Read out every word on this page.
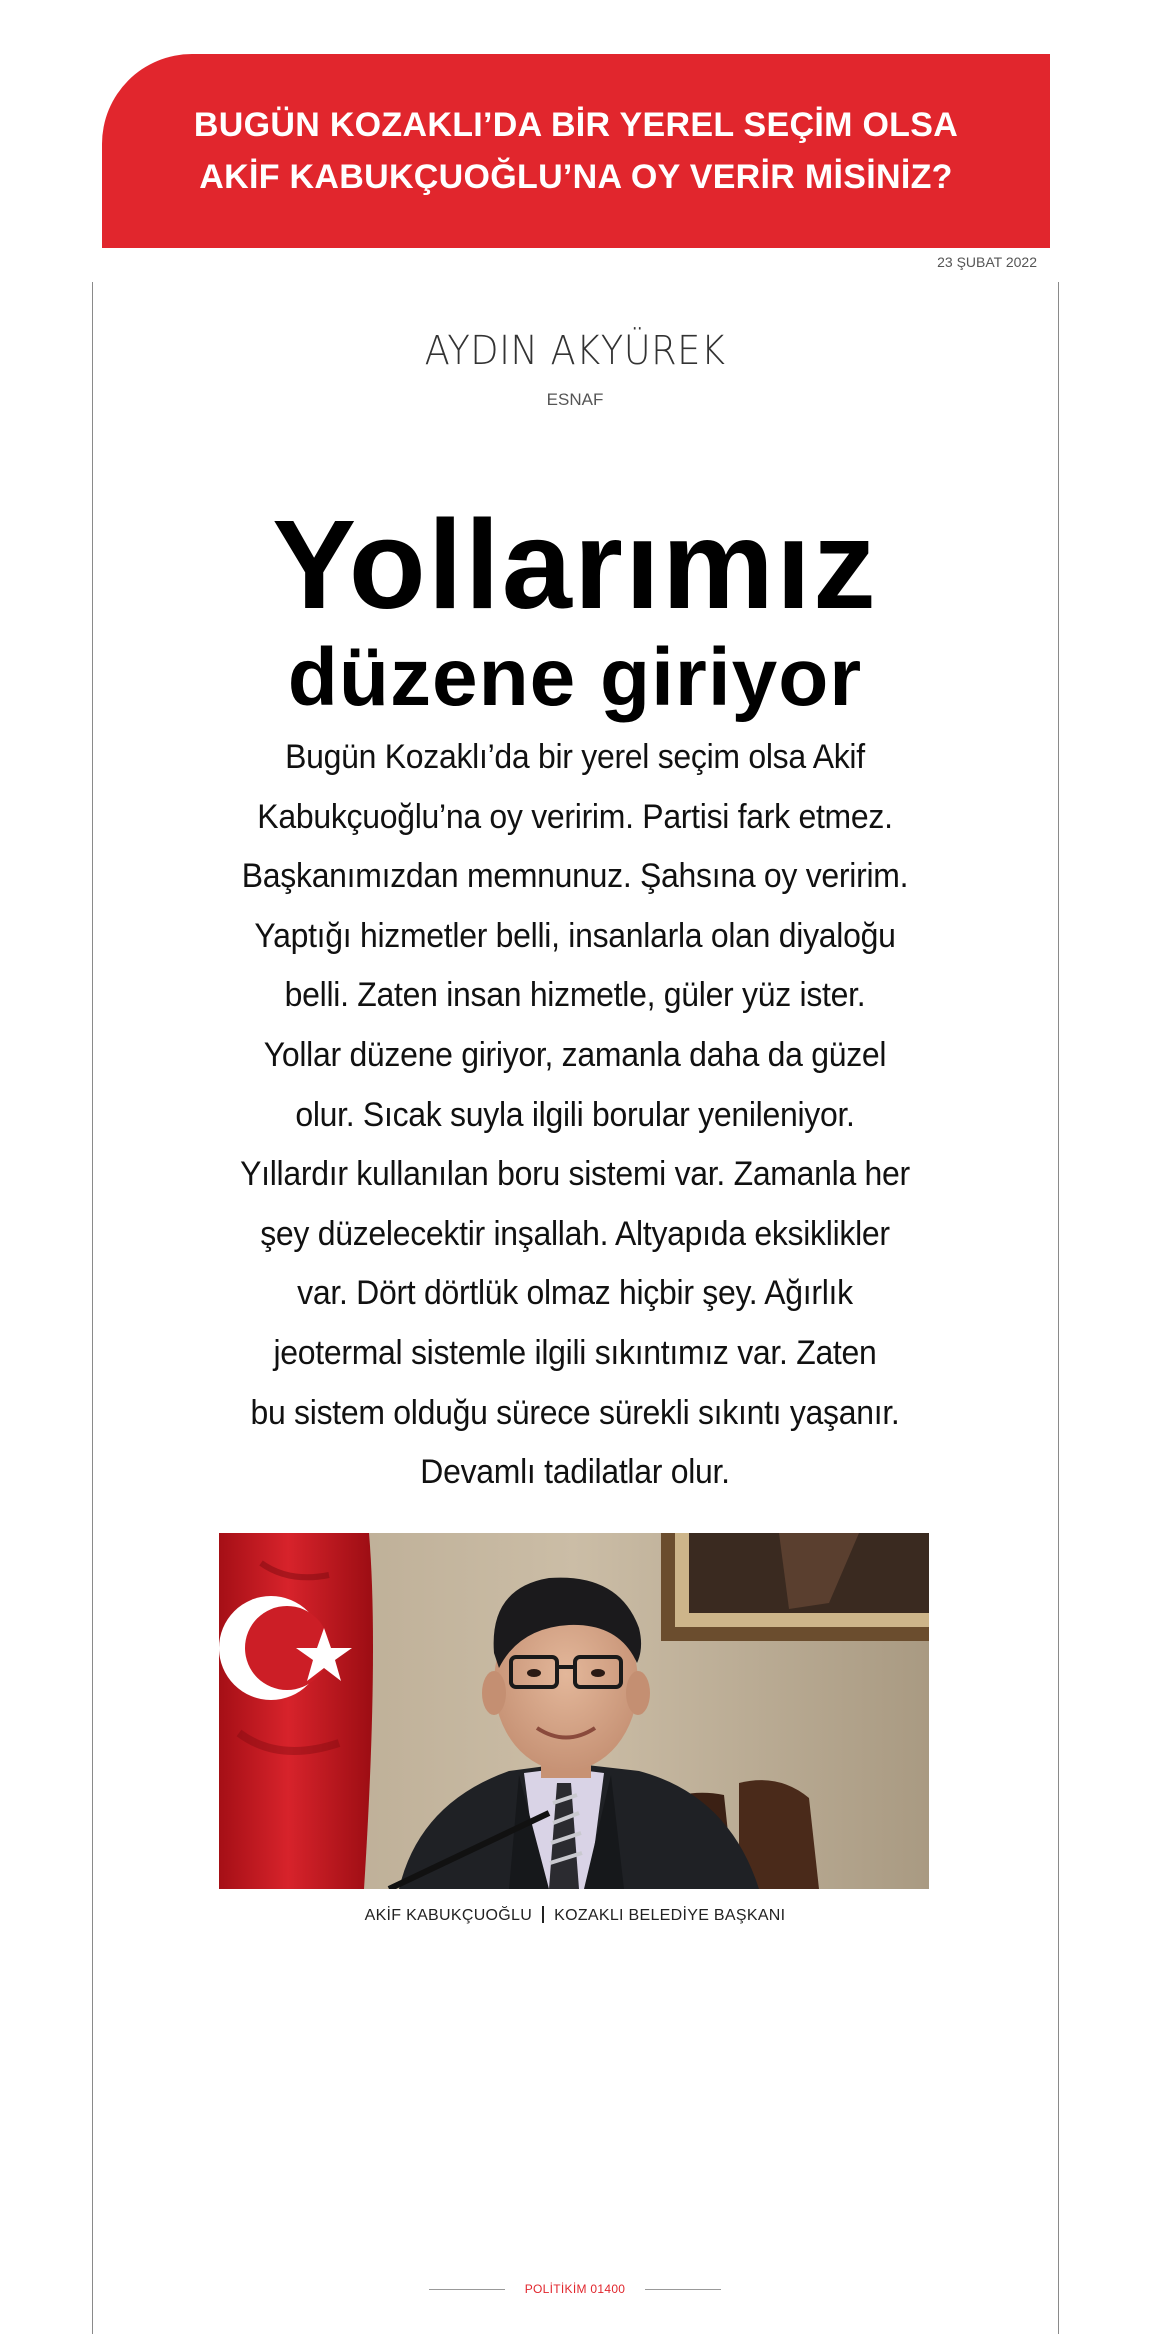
BUGÜN KOZAKLI’DA BİR YEREL SEÇİM OLSA
AKİF KABUKÇUOĞLU’NA OY VERİR MİSİNİZ?
23 ŞUBAT 2022
AYDIN AKYÜREK
ESNAF
Yollarımız
düzene giriyor
Bugün Kozaklı’da bir yerel seçim olsa Akif
Kabukçuoğlu’na oy veririm. Partisi fark etmez.
Başkanımızdan memnunuz. Şahsına oy veririm.
Yaptığı hizmetler belli, insanlarla olan diyaloğu
belli. Zaten insan hizmetle, güler yüz ister.
Yollar düzene giriyor, zamanla daha da güzel
olur. Sıcak suyla ilgili borular yenileniyor.
Yıllardır kullanılan boru sistemi var. Zamanla her
şey düzelecektir inşallah. Altyapıda eksiklikler
var. Dört dörtlük olmaz hiçbir şey. Ağırlık
jeotermal sistemle ilgili sıkıntımız var. Zaten
bu sistem olduğu sürece sürekli sıkıntı yaşanır.
Devamlı tadilatlar olur.
AKİF KABUKÇUOĞLU KOZAKLI BELEDİYE BAŞKANI
POLİTİKİM 01400
